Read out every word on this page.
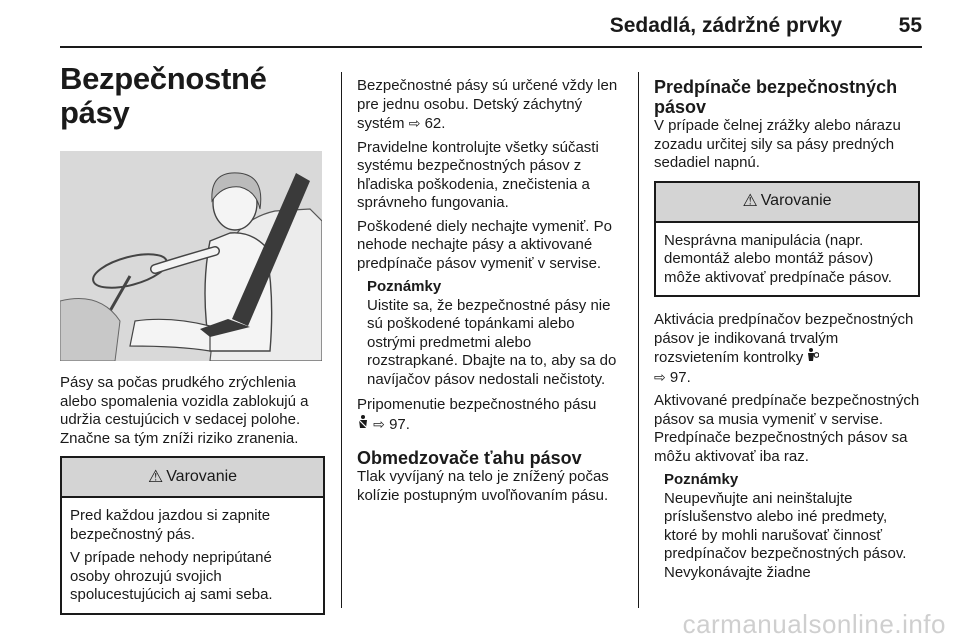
Sedadlá, zádržné prvky	55
Bezpečnostné pásy

Pásy sa počas prudkého zrýchlenia alebo spomalenia vozidla zablokujú a udržia cestujúcich v sedacej polohe. Značne sa tým zníži riziko zranenia.

⚠ Varovanie

Pred každou jazdou si zapnite bezpečnostný pás.

V prípade nehody nepripútané osoby ohrozujú svojich spolucestujúcich aj sami seba.

Bezpečnostné pásy sú určené vždy len pre jednu osobu. Detský záchytný systém ⇨ 62.

Pravidelne kontrolujte všetky súčasti systému bezpečnostných pásov z hľadiska poškodenia, znečistenia a správneho fungovania.

Poškodené diely nechajte vymeniť. Po nehode nechajte pásy a aktivované predpínače pásov vymeniť v servise.

Poznámky
Uistite sa, že bezpečnostné pásy nie sú poškodené topánkami alebo ostrými predmetmi alebo rozstrapkané. Dbajte na to, aby sa do navíjačov pásov nedostali nečistoty.

Pripomenutie bezpečnostného pásu
⇨ 97.

Obmedzovače ťahu pásov

Tlak vyvíjaný na telo je znížený počas kolízie postupným uvoľňovaním pásu.

Predpínače bezpečnostných pásov

V prípade čelnej zrážky alebo nárazu zozadu určitej sily sa pásy predných sedadiel napnú.

⚠ Varovanie

Nesprávna manipulácia (napr. demontáž alebo montáž pásov) môže aktivovať predpínače pásov.

Aktivácia predpínačov bezpečnostných pásov je indikovaná trvalým rozsvietením kontrolky
⇨ 97.

Aktivované predpínače bezpečnostných pásov sa musia vymeniť v servise. Predpínače bezpečnostných pásov sa môžu aktivovať iba raz.

Poznámky
Neupevňujte ani neinštalujte príslušenstvo alebo iné predmety, ktoré by mohli narušovať činnosť predpínačov bezpečnostných pásov. Nevykonávajte žiadne
carmanualsonline.info
